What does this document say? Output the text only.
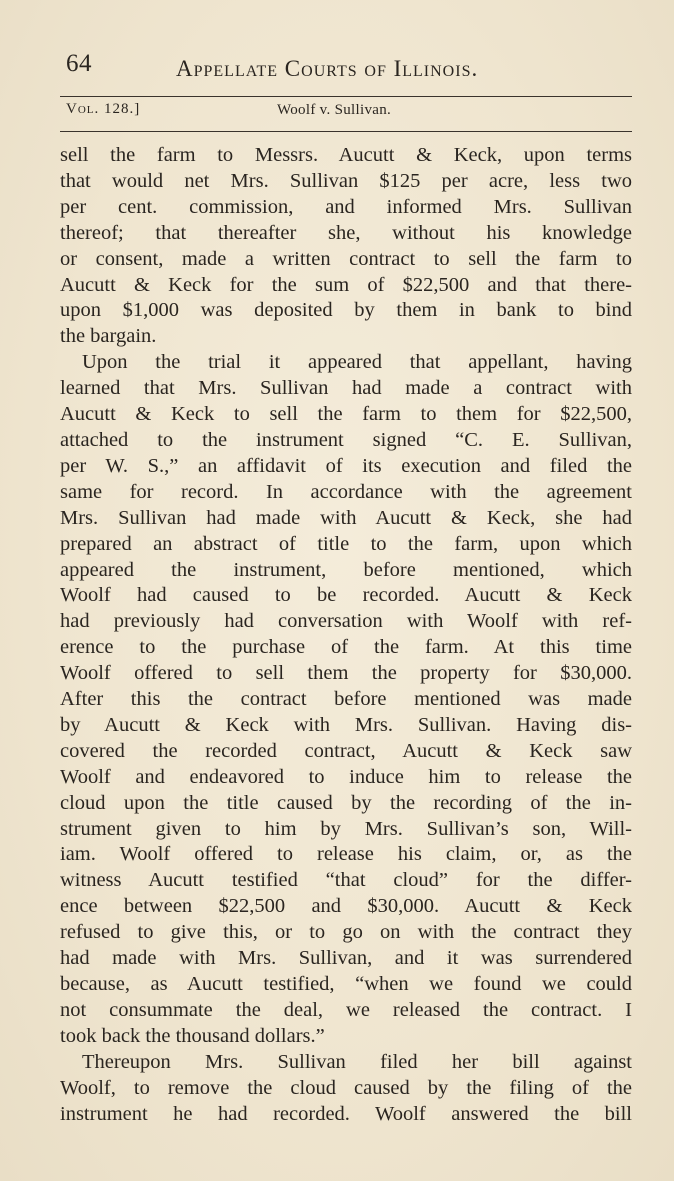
64	Appellate Courts of Illinois.
Vol. 128.]	Woolf v. Sullivan.
sell the farm to Messrs. Aucutt & Keck, upon terms
that would net Mrs. Sullivan $125 per acre, less two
per cent. commission, and informed Mrs. Sullivan
thereof; that thereafter she, without his knowledge
or consent, made a written contract to sell the farm to
Aucutt & Keck for the sum of $22,500 and that there-
upon $1,000 was deposited by them in bank to bind
the bargain.
Upon the trial it appeared that appellant, having
learned that Mrs. Sullivan had made a contract with
Aucutt & Keck to sell the farm to them for $22,500,
attached to the instrument signed “C. E. Sullivan,
per W. S.,” an affidavit of its execution and filed the
same for record. In accordance with the agreement
Mrs. Sullivan had made with Aucutt & Keck, she had
prepared an abstract of title to the farm, upon which
appeared the instrument, before mentioned, which
Woolf had caused to be recorded. Aucutt & Keck
had previously had conversation with Woolf with ref-
erence to the purchase of the farm. At this time
Woolf offered to sell them the property for $30,000.
After this the contract before mentioned was made
by Aucutt & Keck with Mrs. Sullivan. Having dis-
covered the recorded contract, Aucutt & Keck saw
Woolf and endeavored to induce him to release the
cloud upon the title caused by the recording of the in-
strument given to him by Mrs. Sullivan’s son, Will-
iam. Woolf offered to release his claim, or, as the
witness Aucutt testified “that cloud” for the differ-
ence between $22,500 and $30,000. Aucutt & Keck
refused to give this, or to go on with the contract they
had made with Mrs. Sullivan, and it was surrendered
because, as Aucutt testified, “when we found we could
not consummate the deal, we released the contract. I
took back the thousand dollars.”
Thereupon Mrs. Sullivan filed her bill against
Woolf, to remove the cloud caused by the filing of the
instrument he had recorded. Woolf answered the bill
